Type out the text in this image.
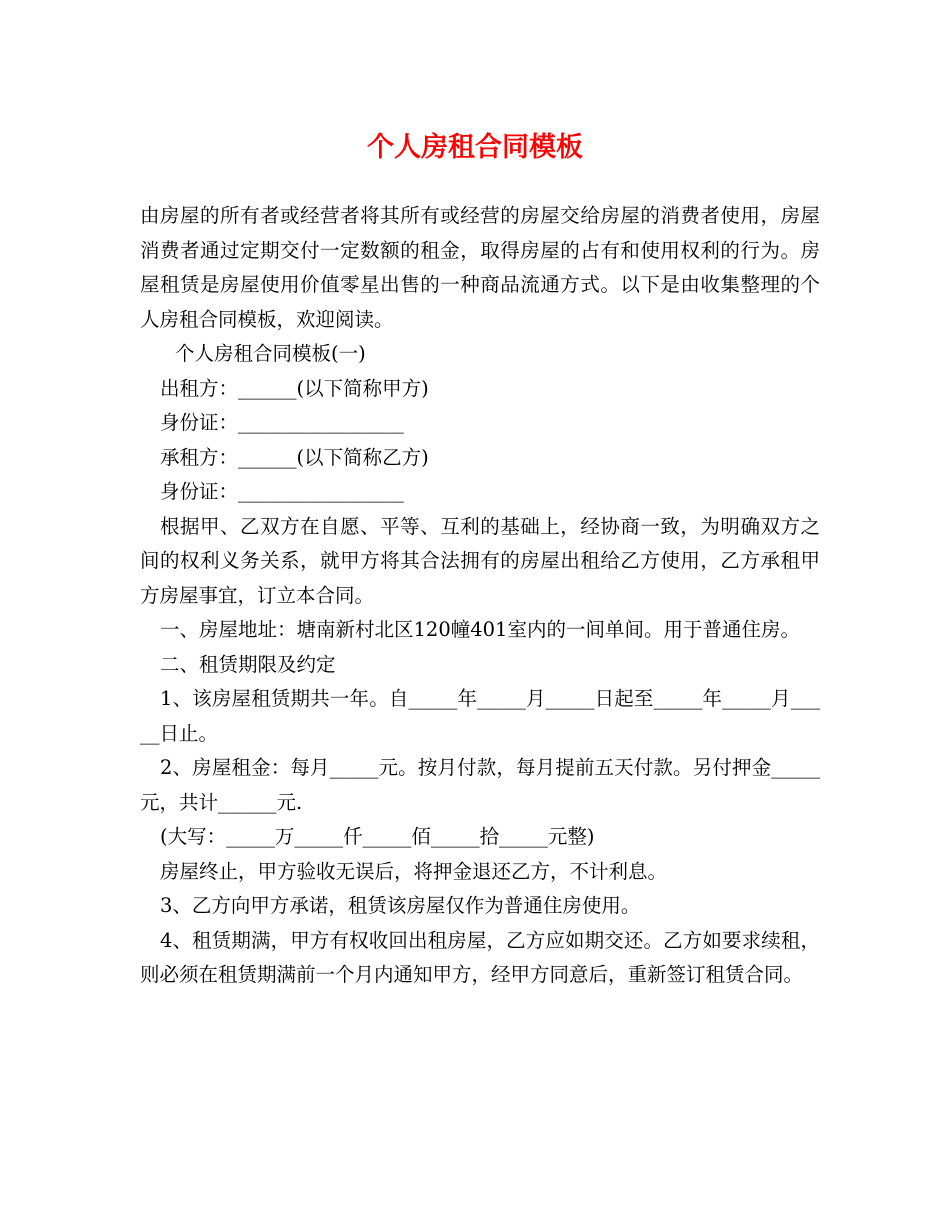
个人房租合同模板

由房屋的所有者或经营者将其所有或经营的房屋交给房屋的消费者使用，房屋消费者通过定期交付一定数额的租金，取得房屋的占有和使用权利的行为。房屋租赁是房屋使用价值零星出售的一种商品流通方式。以下是由收集整理的个人房租合同模板，欢迎阅读。

个人房租合同模板(一)

出租方：______(以下简称甲方)

身份证：_________________

承租方：______(以下简称乙方)

身份证：_________________

根据甲、乙双方在自愿、平等、互利的基础上，经协商一致，为明确双方之间的权利义务关系，就甲方将其合法拥有的房屋出租给乙方使用，乙方承租甲方房屋事宜，订立本合同。

一、房屋地址：塘南新村北区120幢401室内的一间单间。用于普通住房。

二、租赁期限及约定

1、该房屋租赁期共一年。自_____年_____月_____日起至_____年_____月_____日止。

2、房屋租金：每月_____元。按月付款，每月提前五天付款。另付押金_____元，共计______元.

(大写：_____万_____仟_____佰_____拾_____元整)

房屋终止，甲方验收无误后，将押金退还乙方，不计利息。

3、乙方向甲方承诺，租赁该房屋仅作为普通住房使用。

4、租赁期满，甲方有权收回出租房屋，乙方应如期交还。乙方如要求续租，则必须在租赁期满前一个月内通知甲方，经甲方同意后，重新签订租赁合同。
